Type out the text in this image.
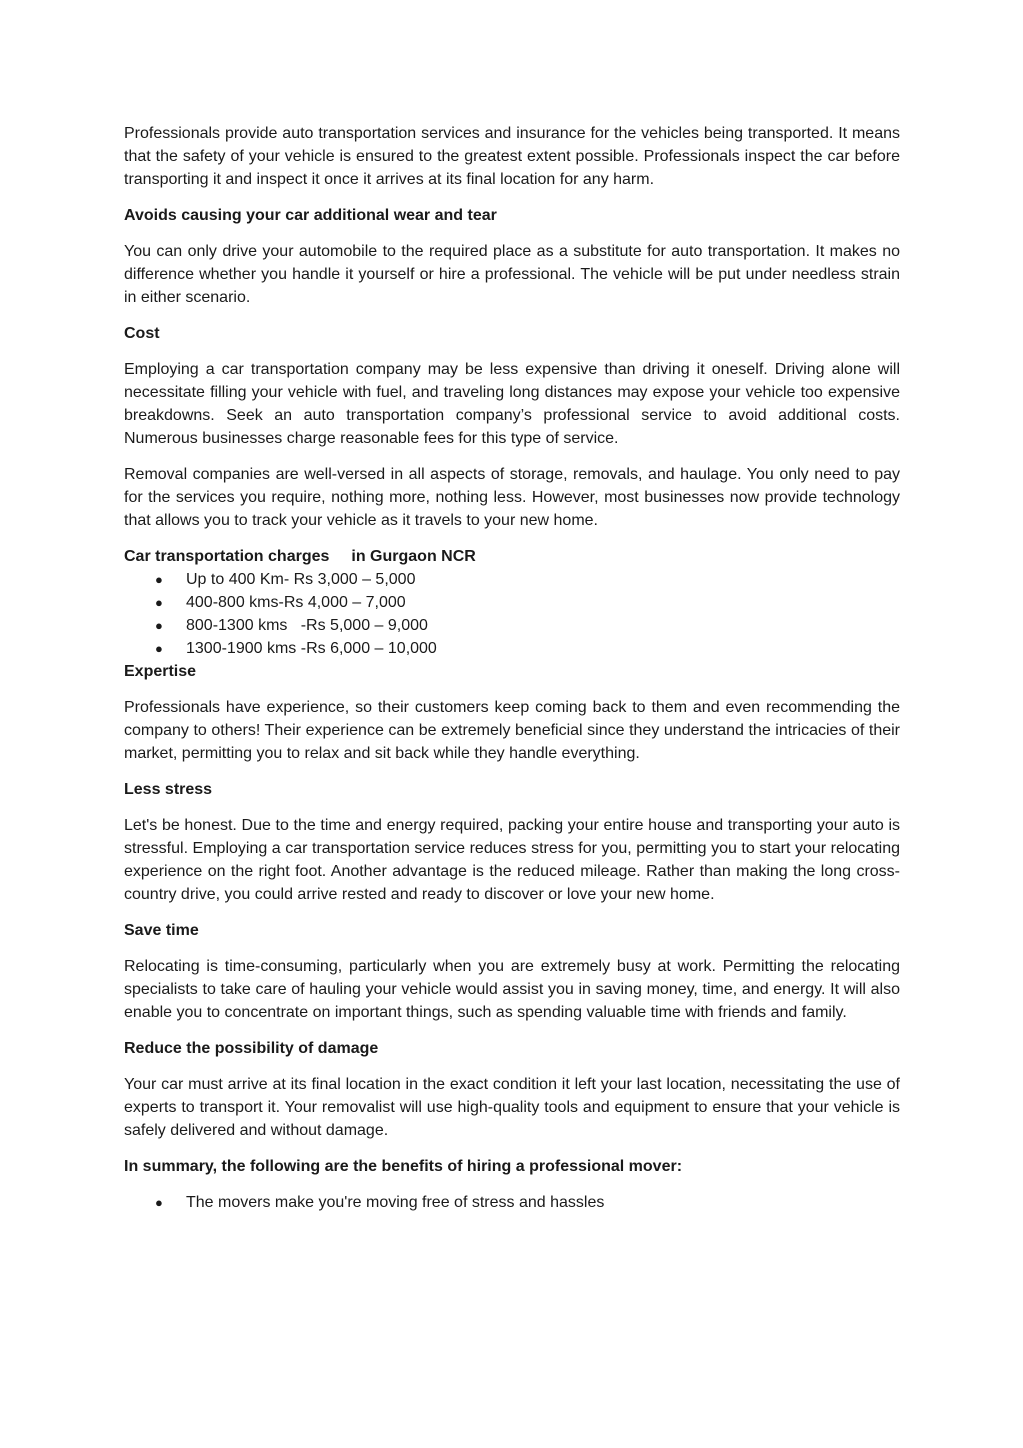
Professionals provide auto transportation services and insurance for the vehicles being transported. It means that the safety of your vehicle is ensured to the greatest extent possible. Professionals inspect the car before transporting it and inspect it once it arrives at its final location for any harm.

Avoids causing your car additional wear and tear

You can only drive your automobile to the required place as a substitute for auto transportation. It makes no difference whether you handle it yourself or hire a professional. The vehicle will be put under needless strain in either scenario.

Cost

Employing a car transportation company may be less expensive than driving it oneself. Driving alone will necessitate filling your vehicle with fuel, and traveling long distances may expose your vehicle too expensive breakdowns. Seek an auto transportation company’s professional service to avoid additional costs. Numerous businesses charge reasonable fees for this type of service.

Removal companies are well-versed in all aspects of storage, removals, and haulage. You only need to pay for the services you require, nothing more, nothing less. However, most businesses now provide technology that allows you to track your vehicle as it travels to your new home.

Car transportation charges in Gurgaon NCR

● Up to 400 Km- Rs 3,000 – 5,000
● 400-800 kms-Rs 4,000 – 7,000
● 800-1300 kms   -Rs 5,000 – 9,000
● 1300-1900 kms -Rs 6,000 – 10,000

Expertise

Professionals have experience, so their customers keep coming back to them and even recommending the company to others! Their experience can be extremely beneficial since they understand the intricacies of their market, permitting you to relax and sit back while they handle everything.

Less stress

Let's be honest. Due to the time and energy required, packing your entire house and transporting your auto is stressful. Employing a car transportation service reduces stress for you, permitting you to start your relocating experience on the right foot. Another advantage is the reduced mileage. Rather than making the long cross-country drive, you could arrive rested and ready to discover or love your new home.

Save time

Relocating is time-consuming, particularly when you are extremely busy at work. Permitting the relocating specialists to take care of hauling your vehicle would assist you in saving money, time, and energy. It will also enable you to concentrate on important things, such as spending valuable time with friends and family.

Reduce the possibility of damage

Your car must arrive at its final location in the exact condition it left your last location, necessitating the use of experts to transport it. Your removalist will use high-quality tools and equipment to ensure that your vehicle is safely delivered and without damage.

In summary, the following are the benefits of hiring a professional mover:

● The movers make you're moving free of stress and hassles
